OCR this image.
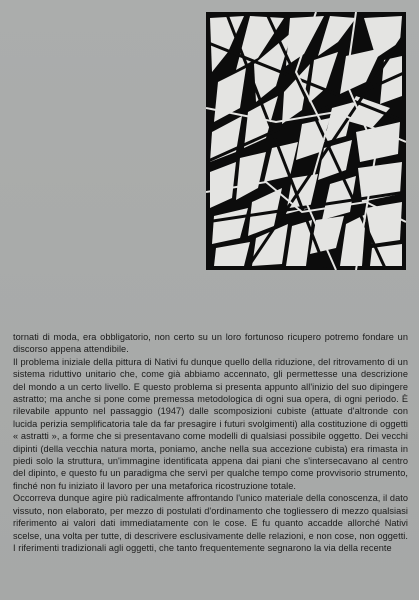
tornati di moda, era obbligatorio, non certo su un loro fortunoso ricupero potremo fondare un discorso appena attendibile.

Il problema iniziale della pittura di Nativi fu dunque quello della riduzione, del ritrovamento di un sistema riduttivo unitario che, come già abbiamo accennato, gli permettesse una descrizione del mondo a un certo livello. E questo problema si presenta appunto all'inizio del suo dipingere astratto; ma anche si pone come premessa metodologica di ogni sua opera, di ogni periodo. È rilevabile appunto nel passaggio (1947) dalle scomposizioni cubiste (attuate d'altronde con lucida perizia semplificatoria tale da far presagire i futuri svolgimenti) alla costituzione di oggetti « astratti », a forme che si presentavano come modelli di qualsiasi possibile oggetto. Dei vecchi dipinti (della vecchia natura morta, poniamo, anche nella sua accezione cubista) era rimasta in piedi solo la struttura, un'immagine identificata appena dai piani che s'intersecavano al centro del dipinto, e questo fu un paradigma che servì per qualche tempo come provvisorio strumento, finché non fu iniziato il lavoro per una metaforica ricostruzione totale.

Occorreva dunque agire più radicalmente affrontando l'unico materiale della conoscenza, il dato vissuto, non elaborato, per mezzo di postulati d'ordinamento che togliessero di mezzo qualsiasi riferimento ai valori dati immediatamente con le cose. E fu quanto accadde allorché Nativi scelse, una volta per tutte, di descrivere esclusivamente delle relazioni, e non cose, non oggetti. I riferimenti tradizionali agli oggetti, che tanto frequentemente segnarono la via della recente
